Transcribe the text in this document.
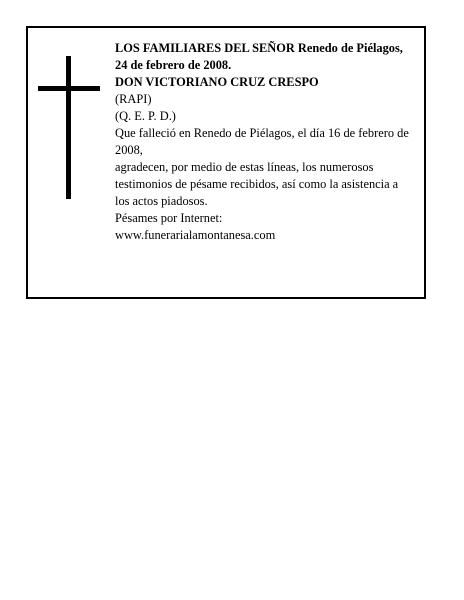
LOS FAMILIARES DEL SEÑOR Renedo de Piélagos, 24 de febrero de 2008.

DON VICTORIANO CRUZ CRESPO

(RAPI)

(Q. E. P. D.)

Que falleció en Renedo de Piélagos, el día 16 de febrero de 2008,

agradecen, por medio de estas líneas, los numerosos testimonios de pésame recibidos, así como la asistencia a los actos piadosos.

Pésames por Internet:

www.funerarialamontanesa.com
